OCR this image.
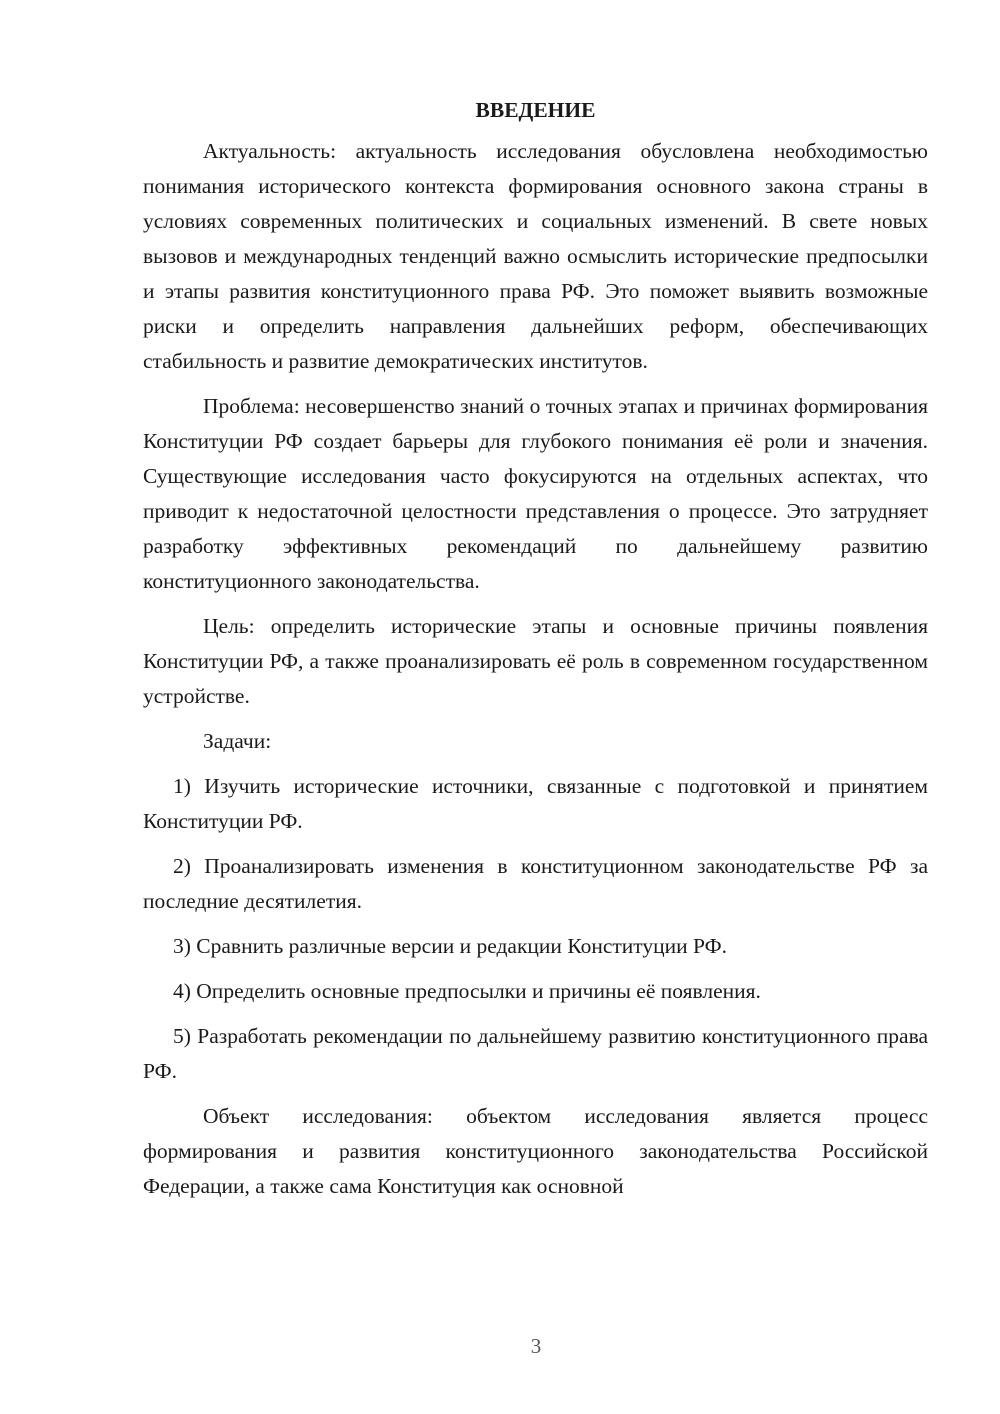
ВВЕДЕНИЕ

Актуальность: актуальность исследования обусловлена необходимостью понимания исторического контекста формирования основного закона страны в условиях современных политических и социальных изменений. В свете новых вызовов и международных тенденций важно осмыслить исторические предпосылки и этапы развития конституционного права РФ. Это поможет выявить возможные риски и определить направления дальнейших реформ, обеспечивающих стабильность и развитие демократических институтов.

Проблема: несовершенство знаний о точных этапах и причинах формирования Конституции РФ создает барьеры для глубокого понимания её роли и значения. Существующие исследования часто фокусируются на отдельных аспектах, что приводит к недостаточной целостности представления о процессе. Это затрудняет разработку эффективных рекомендаций по дальнейшему развитию конституционного законодательства.

Цель: определить исторические этапы и основные причины появления Конституции РФ, а также проанализировать её роль в современном государственном устройстве.

Задачи:

1) Изучить исторические источники, связанные с подготовкой и принятием Конституции РФ.

2) Проанализировать изменения в конституционном законодательстве РФ за последние десятилетия.

3) Сравнить различные версии и редакции Конституции РФ.

4) Определить основные предпосылки и причины её появления.

5) Разработать рекомендации по дальнейшему развитию конституционного права РФ.

Объект исследования: объектом исследования является процесс формирования и развития конституционного законодательства Российской Федерации, а также сама Конституция как основной

3
